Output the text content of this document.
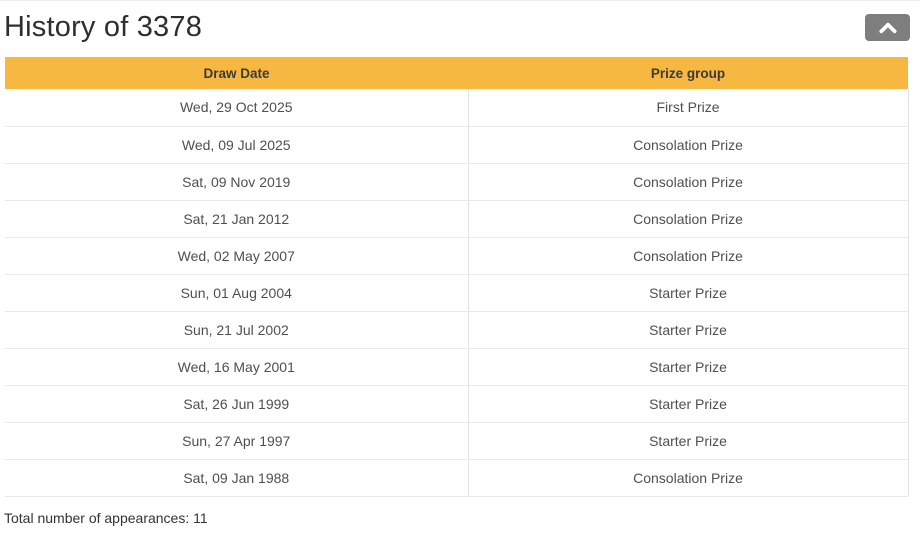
History of 3378
Draw Date	Prize group
Wed, 29 Oct 2025	First Prize
Wed, 09 Jul 2025	Consolation Prize
Sat, 09 Nov 2019	Consolation Prize
Sat, 21 Jan 2012	Consolation Prize
Wed, 02 May 2007	Consolation Prize
Sun, 01 Aug 2004	Starter Prize
Sun, 21 Jul 2002	Starter Prize
Wed, 16 May 2001	Starter Prize
Sat, 26 Jun 1999	Starter Prize
Sun, 27 Apr 1997	Starter Prize
Sat, 09 Jan 1988	Consolation Prize
Total number of appearances: 11
